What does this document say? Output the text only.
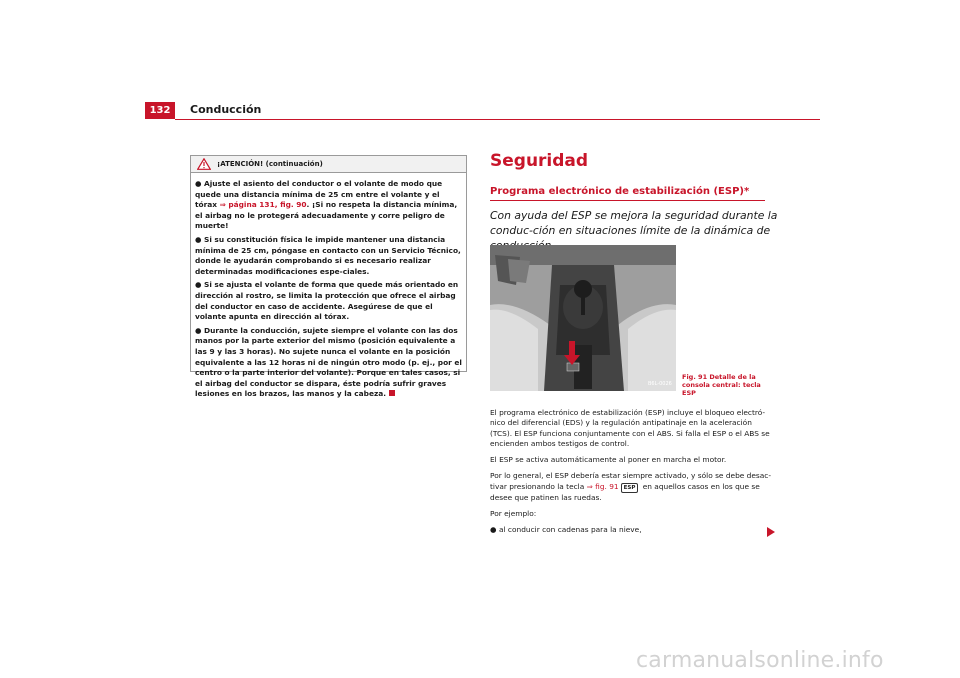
132	Conducción
¡ATENCIÓN! (continuación)
● Ajuste el asiento del conductor o el volante de modo que quede una distancia mínima de 25 cm entre el volante y el tórax ⇒ página 131, fig. 90. ¡Si no respeta la distancia mínima, el airbag no le protegerá adecuadamente y corre peligro de muerte!
● Si su constitución física le impide mantener una distancia mínima de 25 cm, póngase en contacto con un Servicio Técnico, donde le ayudarán comprobando si es necesario realizar determinadas modificaciones espe-ciales.
● Si se ajusta el volante de forma que quede más orientado en dirección al rostro, se limita la protección que ofrece el airbag del conductor en caso de accidente. Asegúrese de que el volante apunta en dirección al tórax.
● Durante la conducción, sujete siempre el volante con las dos manos por la parte exterior del mismo (posición equivalente a las 9 y las 3 horas). No sujete nunca el volante en la posición equivalente a las 12 horas ni de ningún otro modo (p. ej., por el centro o la parte interior del volante). Porque en tales casos, si el airbag del conductor se dispara, éste podría sufrir graves lesiones en los brazos, las manos y la cabeza.
Seguridad
Programa electrónico de estabilización (ESP)*
Con ayuda del ESP se mejora la seguridad durante la conduc-ción en situaciones límite de la dinámica de
B6L-0026
Fig. 91 Detalle de la consola central: tecla ESP

El programa electrónico de estabilización (ESP) incluye el bloqueo electró-nico del diferencial (EDS) y la regulación antipatinaje en la aceleración (TCS). El ESP funciona conjuntamente con el ABS. Si falla el ESP o el ABS se encienden ambos testigos de control.

El ESP se activa automáticamente al poner en marcha el motor.

Por lo general, el ESP debería estar siempre activado, y sólo se debe desac-tivar presionando la tecla ⇒ fig. 91 ESP en aquellos casos en los que se desee que patinen las ruedas.

Por ejemplo:

● al conducir con cadenas para la nieve,

carmanualsonline.info
